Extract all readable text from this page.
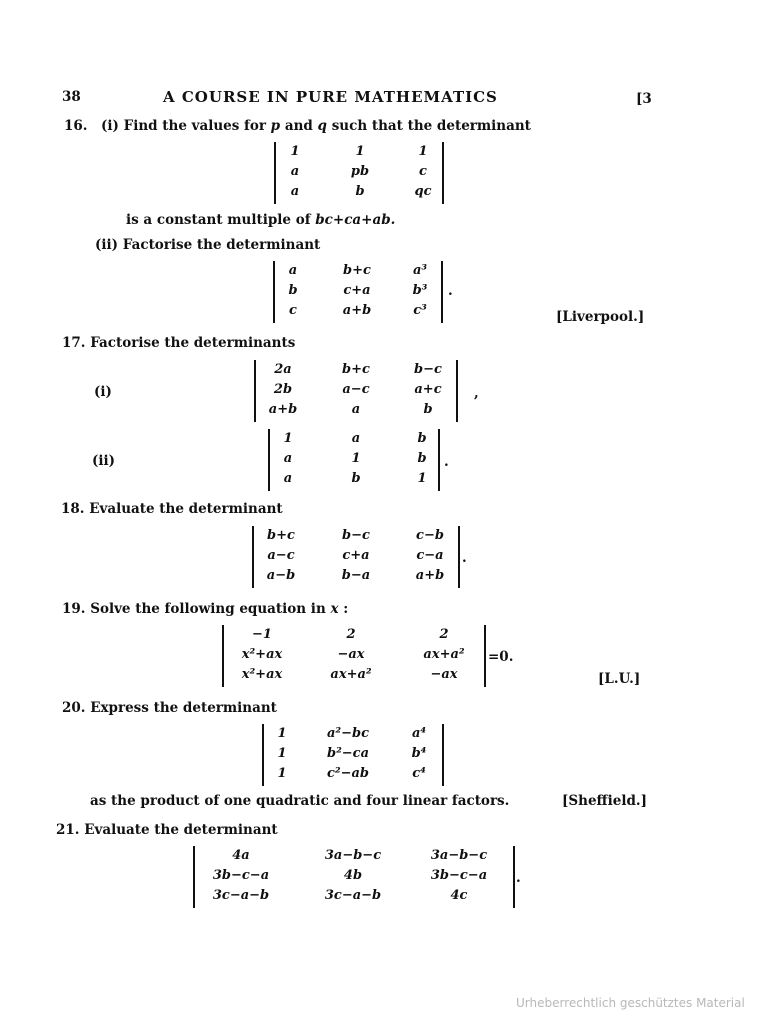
38	A COURSE IN PURE MATHEMATICS	[3
16. (i) Find the values for p and q such that the determinant
1	1	1
a	pb	c
a	b	qc
is a constant multiple of bc+ca+ab.
(ii) Factorise the determinant
a	b+c	a³
b	c+a	b³
c	a+b	c³
.
[Liverpool.]
17. Factorise the determinants
(i)
2a	b+c	b−c
2b	a−c	a+c
a+b	a	b
,
(ii)
1	a	b
a	1	b
a	b	1
.
18. Evaluate the determinant
b+c	b−c	c−b
a−c	c+a	c−a
a−b	b−a	a+b
.
19. Solve the following equation in x :
−1	2	2
x²+ax	−ax	ax+a²
x²+ax	ax+a²	−ax
=0.
[L.U.]
20. Express the determinant
1	a²−bc	a⁴
1	b²−ca	b⁴
1	c²−ab	c⁴
as the product of one quadratic and four linear factors.	[Sheffield.]
21. Evaluate the determinant
4a	3a−b−c	3a−b−c
3b−c−a	4b	3b−c−a
3c−a−b	3c−a−b	4c
.
Urheberrechtlich geschütztes Material
